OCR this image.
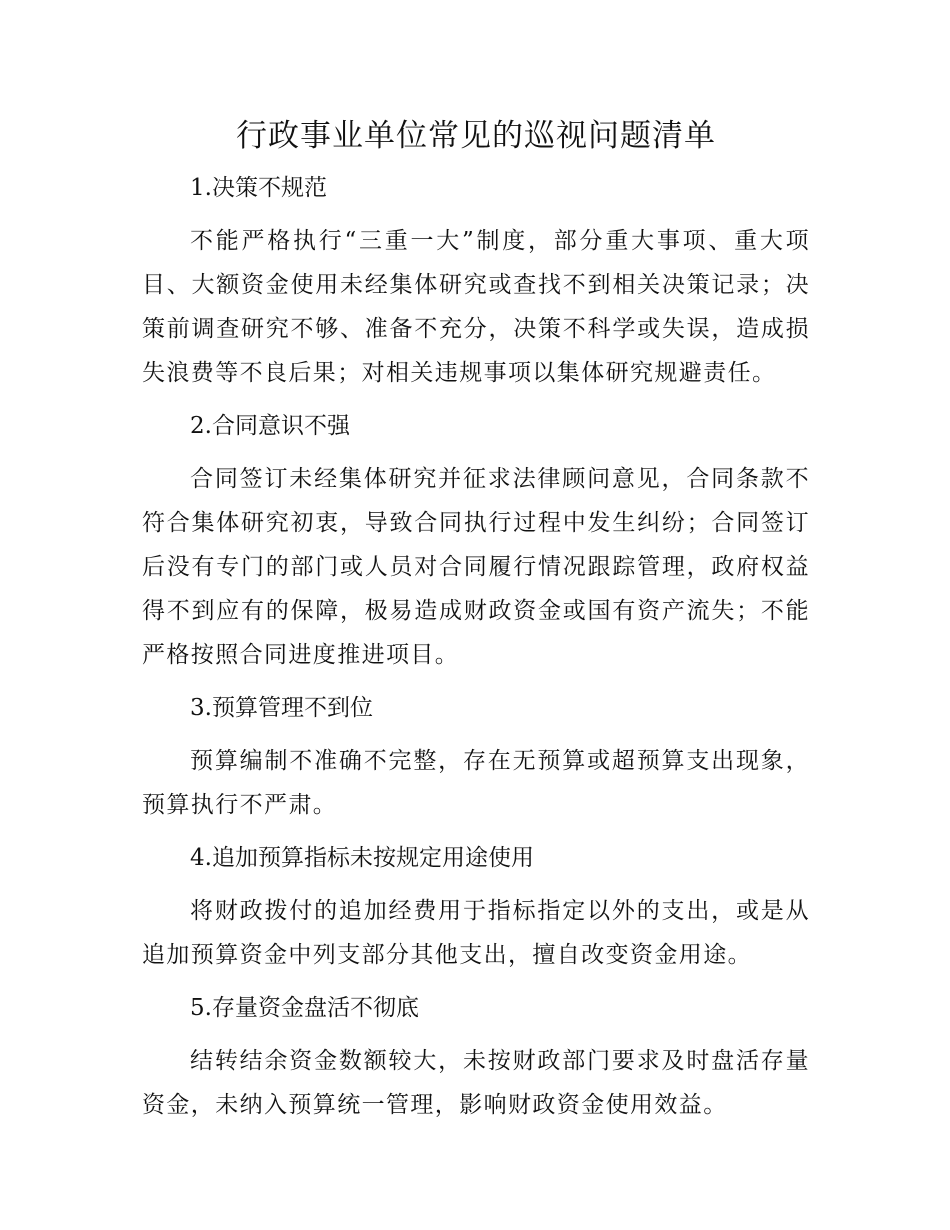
行政事业单位常见的巡视问题清单

1.决策不规范

不能严格执行“三重一大”制度，部分重大事项、重大项目、大额资金使用未经集体研究或查找不到相关决策记录；决策前调查研究不够、准备不充分，决策不科学或失误，造成损失浪费等不良后果；对相关违规事项以集体研究规避责任。

2.合同意识不强

合同签订未经集体研究并征求法律顾问意见，合同条款不符合集体研究初衷，导致合同执行过程中发生纠纷；合同签订后没有专门的部门或人员对合同履行情况跟踪管理，政府权益得不到应有的保障，极易造成财政资金或国有资产流失；不能严格按照合同进度推进项目。

3.预算管理不到位

预算编制不准确不完整，存在无预算或超预算支出现象，预算执行不严肃。

4.追加预算指标未按规定用途使用

将财政拨付的追加经费用于指标指定以外的支出，或是从追加预算资金中列支部分其他支出，擅自改变资金用途。

5.存量资金盘活不彻底

结转结余资金数额较大，未按财政部门要求及时盘活存量资金，未纳入预算统一管理，影响财政资金使用效益。
